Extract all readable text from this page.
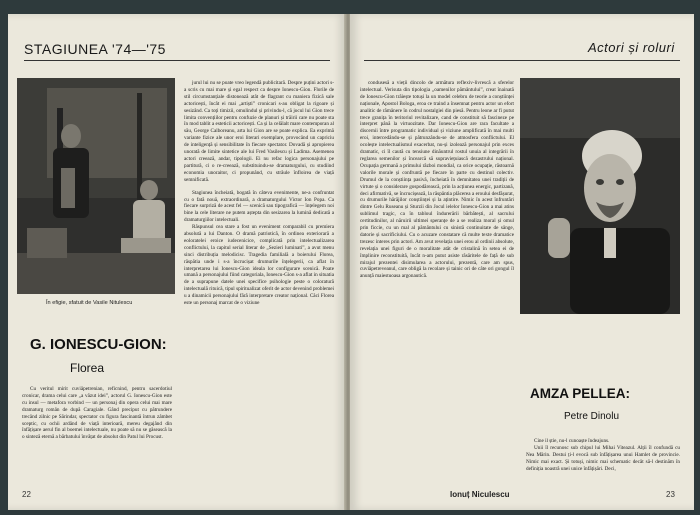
STAGIUNEA '74—'75
În efigie, sfatuit de Vasile Nitulescu
G. IONESCU-GION:
Florea

Cu veritul mirit cuviâpetrenian, reficnind, pentru sacerdotiul cronicar, drama celui care „a văzut idei”, actorul G. Ionescu-Gion este cu insul — metafora vorbind — un personaj din opera celui mai mare dramaturg român de după Caragiale. Gând preciput cu pătrundere trecând zilnic pe Sărindar, spectator cu figura fascinantă întrun zâmbet sceptic, cu ochii ardând de viață interioară, mereu degajând din înfățișare aerul fin al boemei intelectuale, nu poate să nu se găsească la o sinteză eternă a bărbatului învățat de absolut din Patul lui Procust.

jurul lui nu se poate vreo legendă publicitară. Despre puțini actori s-a scris cu mai mare și egal respect ca despre Ionescu-Gion. Florile de stil circumstanțiale distonează atât de flagrant cu maniera fizică sale actoricești, încât ei mai „artiști” cronicari s-au obligat la rigoare și sesizând. Ca toți timizii, omulindul și privindu-l, că jocul lui Gion trece limita convențiilor pentru confuzie de planuri și trăirii care nu poate sta în mod tablit a esteticii actoricești. Ca și la celălalt mare contemporan al său, George Calboreanu, arta lui Gion are se poate explica. Ea exprimă variante fizice ale unor eroi literari exemplare, provocând un capriciu de inteligență și sensibilitate în fiecare spectator. Dovadă și apropierea unorată de limite sintetice ale lui Fred Vasilescu și Ladima. Asemenea actori creează, andar, tipologii. Ei nu refac logica personajului pe partitură, ci o re-creează, substituindu-se dramaturgului, cu studiind economia unoraitor, ci propunând, cu străule înfloirea de viață semnificată.

Stagiunea încheiată, bogată în câteva evenimente, ne-a confruntat cu o fată nouă, extraordinară, a dramaturgului Victor Ion Popa. Ca fiecare surpriză de acest fel — scenică sau tipografică — înțelegem noi bine la cele literare ne putem aștepta din sesizarea la lumină dedicată a dramaturgiilor intelectuali.

Răspunsul cea stare a fost un eveniment comparabil cu premiera absolută a lui Danton. O dramă patriotică, în ordinea exteriorară a eoloratelei eroice iudecenicice, complicată prin intelectualizarea conflictului, la capitul serial literar de „Sezieri luminati”, a avut menu sinci distribuția melodicisc. Tragedia familială a boierului Florea, răspătia unde i s-a încrucișat drumurile înțelegerii, ca aflat în interpretarea lui Ionescu-Gion ideala lor configurare scenică. Poate umană a personajului fiind categoriala, Ionescu-Gion s-a aflat in situatia de a suprapune datele unei specifice psihologie peste o coloratură intelectuală rituică, tipul spiritualizat oferit de actor devenind problemei u a dinamicii personajului fără interpretare creator național. Căci Florea este un personaj marcat de o viziune

22
Actori și roluri

condusesă a vieții dincolo de armătura reflexiv-livrescă a sferelor intelectual. Verisuta din tipologia „oamenilor pământului”, creat înainată de Ionescu-Gion trăiește totuși la un model celebru de teorie a conștiinței naționale, Apostol Bologa, eroa ce traind a însemnat pentru actor un efort analitic de rămânere în codrul nostalgiei din piesă. Pentru leone ar fi putut trece granița în teritoriul revitalizare, cand de constituit să fascineze pe interpret până la virtuozitate. Dar Ionescu-Gion are rara facultate a discernii între programatic individual și viziune amplificată în mai multi eroi, intercedându-se și pătrunzându-se de atmosfera conflictului. El ocolește intelectualismul exacerbat, nu-și izolează personajul prin exces dramatic, ci îl caută cu tensiune dinăuntrul rostul unuia al integrării în reglarea semenilor și încearcă să supraviețuiască dezastrului național. Ocupația germană a primului război mondial, ca orice ocupație, răstoarnă valorile morale și confruntă pe fiecare în parte cu destinul colectiv. Drumul de la conștiința pasivă, încheiată în demnitatea unei tradiții de virtute și o considerare gospodărească, prin la acțiunea energic, partizană, deci afirmativă, se încrucișează, la răspântia plăcerea a eroului desfășurat, cu drumurile hărăjilor conștiinței și la ațintire. Nimic în acest înfruntări dintre Gelu Ruseanu și Sturzii din Jocul ielelor Ionescu-Gion a mai atins sublimul tragic, ca în tabloul îndurerării bărbătești, al sacrului certitudinilor, al năruirii ultimei speranțe de a se realiza moral și omul prin ficcie, cu un mal al pământului cu sinistă continuitate de sânge, datorie și sacrificiului. Cu o acuzare constatare că multe texte dramatice trezesc interes prin actori. Am avut revelația unei erou al ordinii absolute, revelația unei figuri de o moralitate atât de cristalină în setea ei de împlinire reconstituită, încât n-am putut asiste răsăritele de față de sub mirajul prezentei disimularea a actorului, prezentă, care am spus, cuviâpetreveanul, care obligă la recolare și tainic ori de câte ori gongul îl anunță maiestuoasa argonautică.

Ionuț Niculescu
AMZA PELLEA:
Petre Dinolu

Cine il știe, nu-l cunoaște îndeajuns.

Unii îl recunosc sub chipul lui Mihai Viteazul. Alții îl confundă cu Nea Mărin. Destui ți-l evocă sub înfățișarea unui Hamlet de provincie. Nimic mai exact. Și totuși, nimic mai schematic decât să-l destinăm în definiția noastră unei unice înfățișări. Deci,

23
